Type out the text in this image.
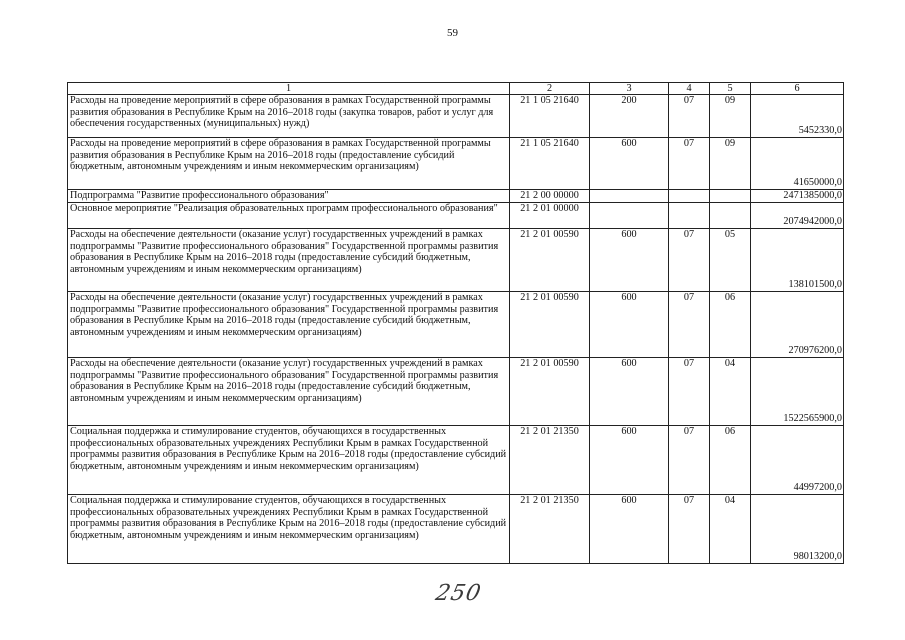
59
1	2	3	4	5	6
Расходы на проведение мероприятий в сфере образования в рамках Государственной программы развития образования в Республике Крым на 2016–2018 годы (закупка товаров, работ и услуг для обеспечения государственных (муниципальных) нужд)	21 1 05 21640	200	07	09	5452330,0
Расходы на проведение мероприятий в сфере образования в рамках Государственной программы развития образования в Республике Крым на 2016–2018 годы (предоставление субсидий бюджетным, автономным учреждениям и иным некоммерческим организациям)	21 1 05 21640	600	07	09	41650000,0
Подпрограмма "Развитие профессионального образования"	21 2 00 00000				2471385000,0
Основное мероприятие "Реализация образовательных программ профессионального образования"	21 2 01 00000				2074942000,0
Расходы на обеспечение деятельности (оказание услуг) государственных учреждений в рамках подпрограммы "Развитие профессионального образования" Государственной программы развития образования в Республике Крым на 2016–2018 годы (предоставление субсидий бюджетным, автономным учреждениям и иным некоммерческим организациям)	21 2 01 00590	600	07	05	138101500,0
Расходы на обеспечение деятельности (оказание услуг) государственных учреждений в рамках подпрограммы "Развитие профессионального образования" Государственной программы развития образования в Республике Крым на 2016–2018 годы (предоставление субсидий бюджетным, автономным учреждениям и иным некоммерческим организациям)	21 2 01 00590	600	07	06	270976200,0
Расходы на обеспечение деятельности (оказание услуг) государственных учреждений в рамках подпрограммы "Развитие профессионального образования" Государственной программы развития образования в Республике Крым на 2016–2018 годы (предоставление субсидий бюджетным, автономным учреждениям и иным некоммерческим организациям)	21 2 01 00590	600	07	04	1522565900,0
Социальная поддержка и стимулирование студентов, обучающихся в государственных профессиональных образовательных учреждениях Республики Крым в рамках Государственной программы развития образования в Республике Крым на 2016–2018 годы (предоставление субсидий бюджетным, автономным учреждениям и иным некоммерческим организациям)	21 2 01 21350	600	07	06	44997200,0
Социальная поддержка и стимулирование студентов, обучающихся в государственных профессиональных образовательных учреждениях Республики Крым в рамках Государственной программы развития образования в Республике Крым на 2016–2018 годы (предоставление субсидий бюджетным, автономным учреждениям и иным некоммерческим организациям)	21 2 01 21350	600	07	04	98013200,0
250
